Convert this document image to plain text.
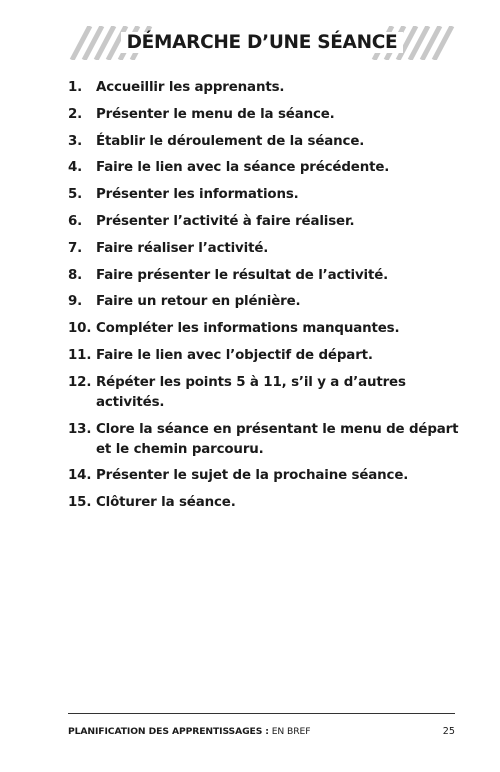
DÉMARCHE D’UNE SÉANCE
1.	Accueillir les apprenants.
2.	Présenter le menu de la séance.
3.	Établir le déroulement de la séance.
4.	Faire le lien avec la séance précédente.
5.	Présenter les informations.
6.	Présenter l’activité à faire réaliser.
7.	Faire réaliser l’activité.
8.	Faire présenter le résultat de l’activité.
9.	Faire un retour en plénière.
10. Compléter les informations manquantes.
11. Faire le lien avec l’objectif de départ.
12. Répéter les points 5 à 11, s’il y a d’autres activités.
13. Clore la séance en présentant le menu de départ et le chemin parcouru.
14. Présenter le sujet de la prochaine séance.
15. Clôturer la séance.
PLANIFICATION DES APPRENTISSAGES : EN BREF	25
